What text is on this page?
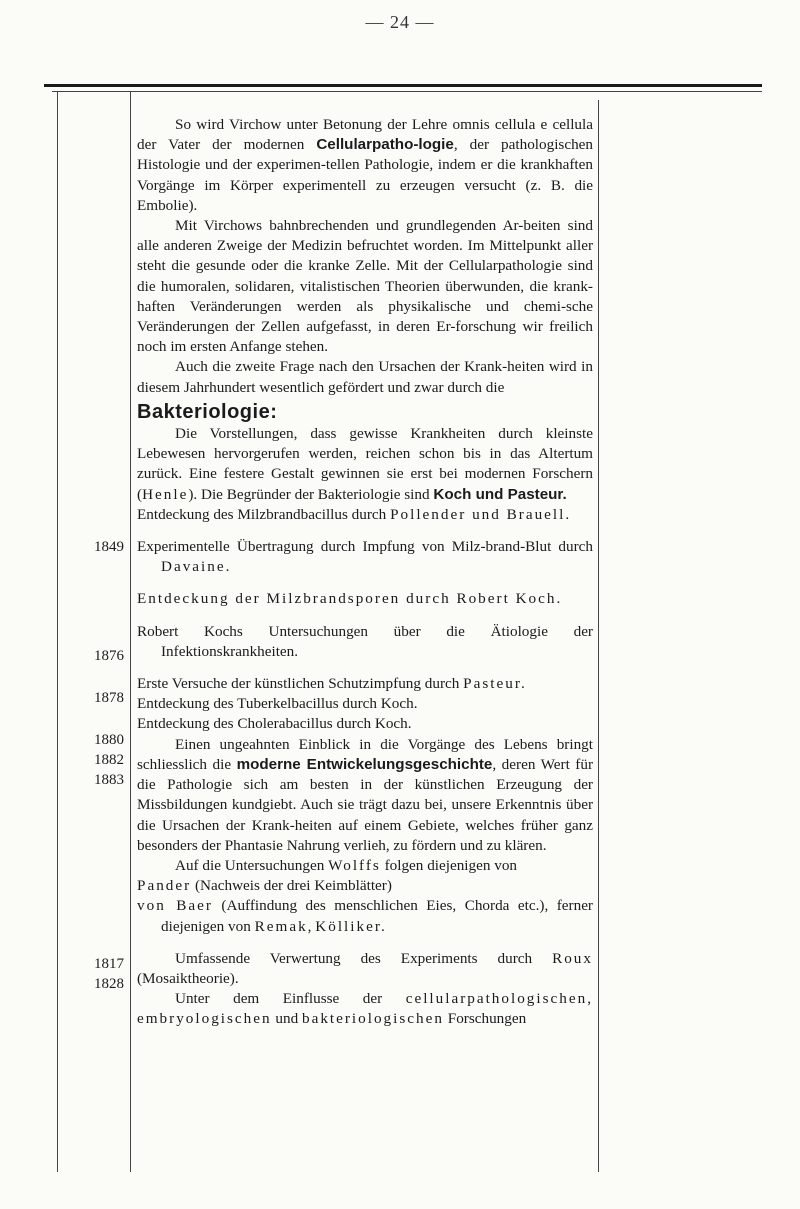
— 24 —
1849
1876
1878
1880
1882
1883
1817
1828

So wird Virchow unter Betonung der Lehre omnis cellula e cellula der Vater der modernen Cellularpatho-logie, der pathologischen Histologie und der experimen-tellen Pathologie, indem er die krankhaften Vorgänge im Körper experimentell zu erzeugen versucht (z. B. die Embolie).

Mit Virchows bahnbrechenden und grundlegenden Ar-beiten sind alle anderen Zweige der Medizin befruchtet worden. Im Mittelpunkt aller steht die gesunde oder die kranke Zelle. Mit der Cellularpathologie sind die humoralen, solidaren, vitalistischen Theorien überwunden, die krank-haften Veränderungen werden als physikalische und chemi-sche Veränderungen der Zellen aufgefasst, in deren Er-forschung wir freilich noch im ersten Anfange stehen.

Auch die zweite Frage nach den Ursachen der Krank-heiten wird in diesem Jahrhundert wesentlich gefördert und zwar durch die

Bakteriologie:

Die Vorstellungen, dass gewisse Krankheiten durch kleinste Lebewesen hervorgerufen werden, reichen schon bis in das Altertum zurück. Eine festere Gestalt gewinnen sie erst bei modernen Forschern (Henle). Die Begründer der Bakteriologie sind Koch und Pasteur.

Entdeckung des Milzbrandbacillus durch Pollender und Brauell.

Experimentelle Übertragung durch Impfung von Milz-brand-Blut durch Davaine.

Entdeckung der Milzbrandsporen durch Robert Koch.

Robert Kochs Untersuchungen über die Ätiologie der Infektionskrankheiten.

Erste Versuche der künstlichen Schutzimpfung durch Pasteur.

Entdeckung des Tuberkelbacillus durch Koch.

Entdeckung des Cholerabacillus durch Koch.

Einen ungeahnten Einblick in die Vorgänge des Lebens bringt schliesslich die moderne Entwickelungsgeschichte, deren Wert für die Pathologie sich am besten in der künstlichen Erzeugung der Missbildungen kundgiebt. Auch sie trägt dazu bei, unsere Erkenntnis über die Ursachen der Krank-heiten auf einem Gebiete, welches früher ganz besonders der Phantasie Nahrung verlieh, zu fördern und zu klären.

Auf die Untersuchungen Wolffs folgen diejenigen von

Pander (Nachweis der drei Keimblätter)

von Baer (Auffindung des menschlichen Eies, Chorda etc.), ferner diejenigen von Remak, Kölliker.

Umfassende Verwertung des Experiments durch Roux (Mosaiktheorie).

Unter dem Einflusse der cellularpathologischen, embryologischen und bakteriologischen Forschungen
